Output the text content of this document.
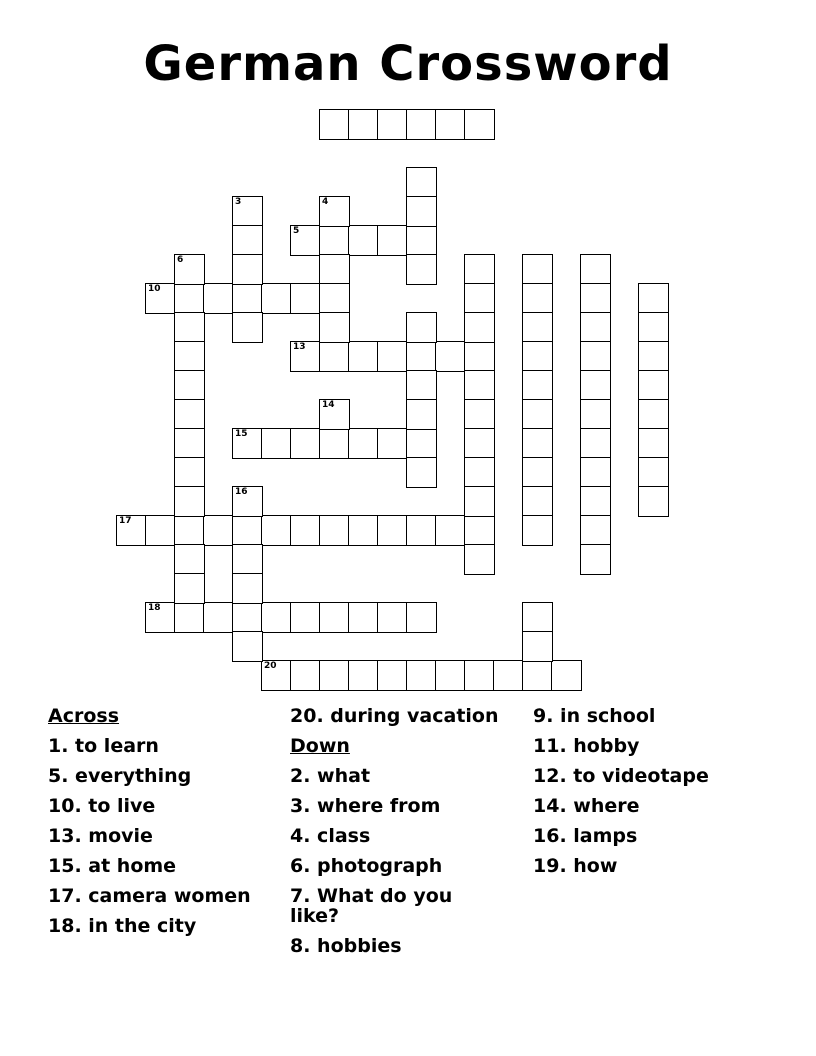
German Crossword
5
10
13
15
17
18
20
3	4
6
14
16
Across
1. to learn
5. everything
10. to live
13. movie
15. at home
17. camera women
18. in the city
20. during vacation
Down
2. what
3. where from
4. class
6. photograph
7. What do you like?
8. hobbies
9. in school
11. hobby
12. to videotape
14. where
16. lamps
19. how
